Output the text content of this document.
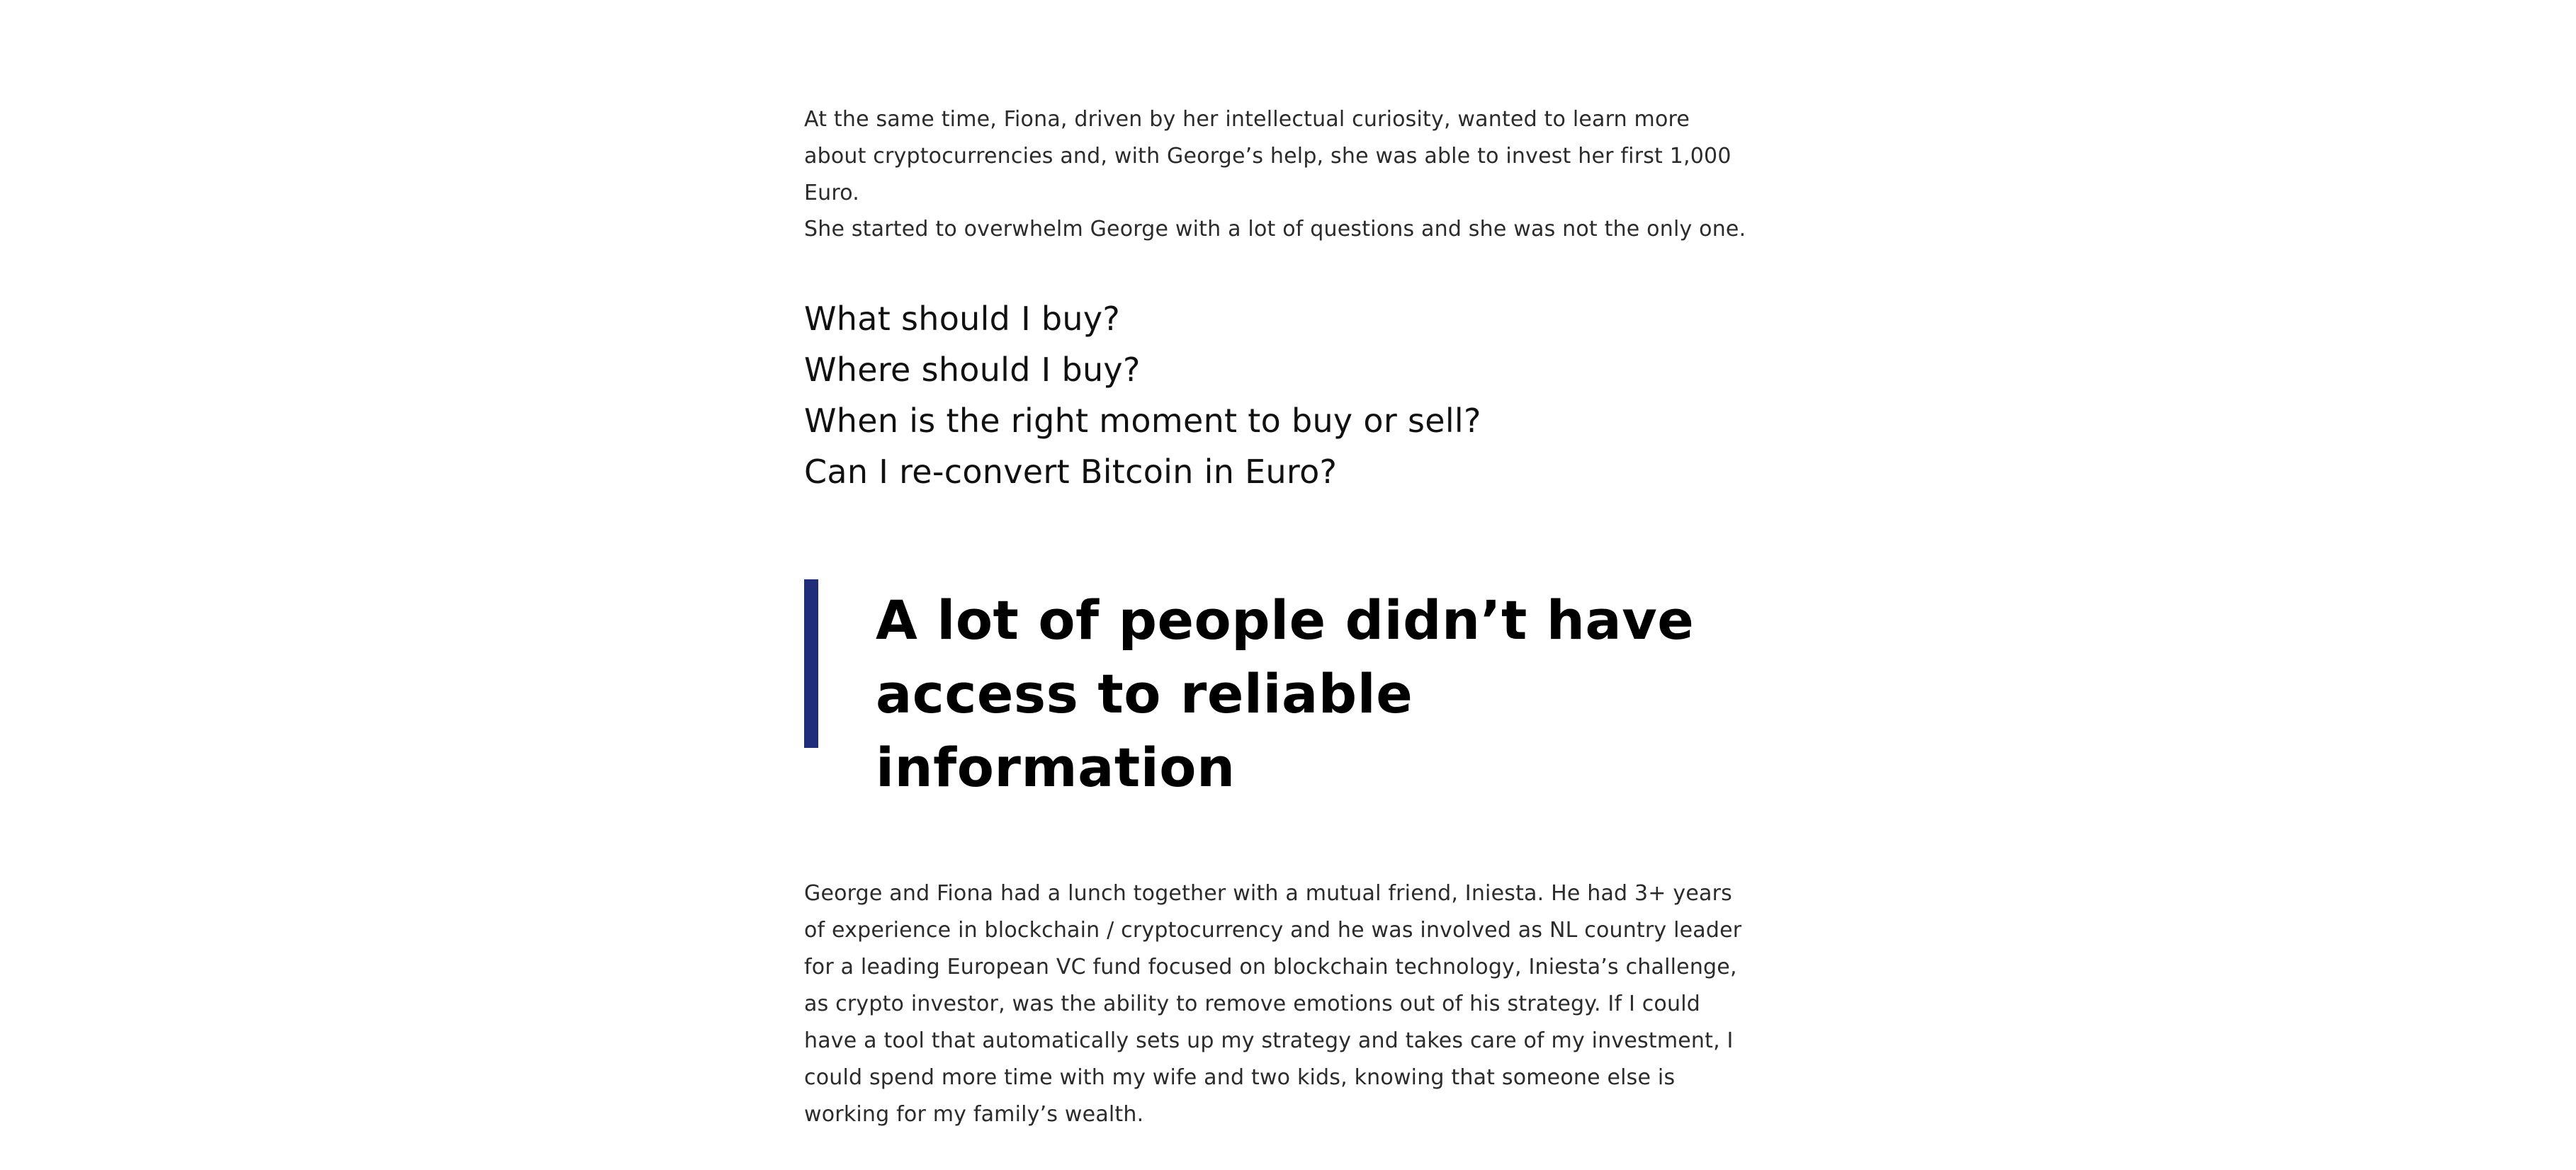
At the same time, Fiona, driven by her intellectual curiosity, wanted to learn more about cryptocurrencies and, with George’s help, she was able to invest her first 1,000 Euro.

She started to overwhelm George with a lot of questions and she was not the only one.

What should I buy?
Where should I buy?
When is the right moment to buy or sell?
Can I re-convert Bitcoin in Euro?

A lot of people didn’t have access to reliable information

George and Fiona had a lunch together with a mutual friend, Iniesta. He had 3+ years of experience in blockchain / cryptocurrency and he was involved as NL country leader for a leading European VC fund focused on blockchain technology, Iniesta’s challenge, as crypto investor, was the ability to remove emotions out of his strategy. If I could have a tool that automatically sets up my strategy and takes care of my investment, I could spend more time with my wife and two kids, knowing that someone else is working for my family’s wealth.
